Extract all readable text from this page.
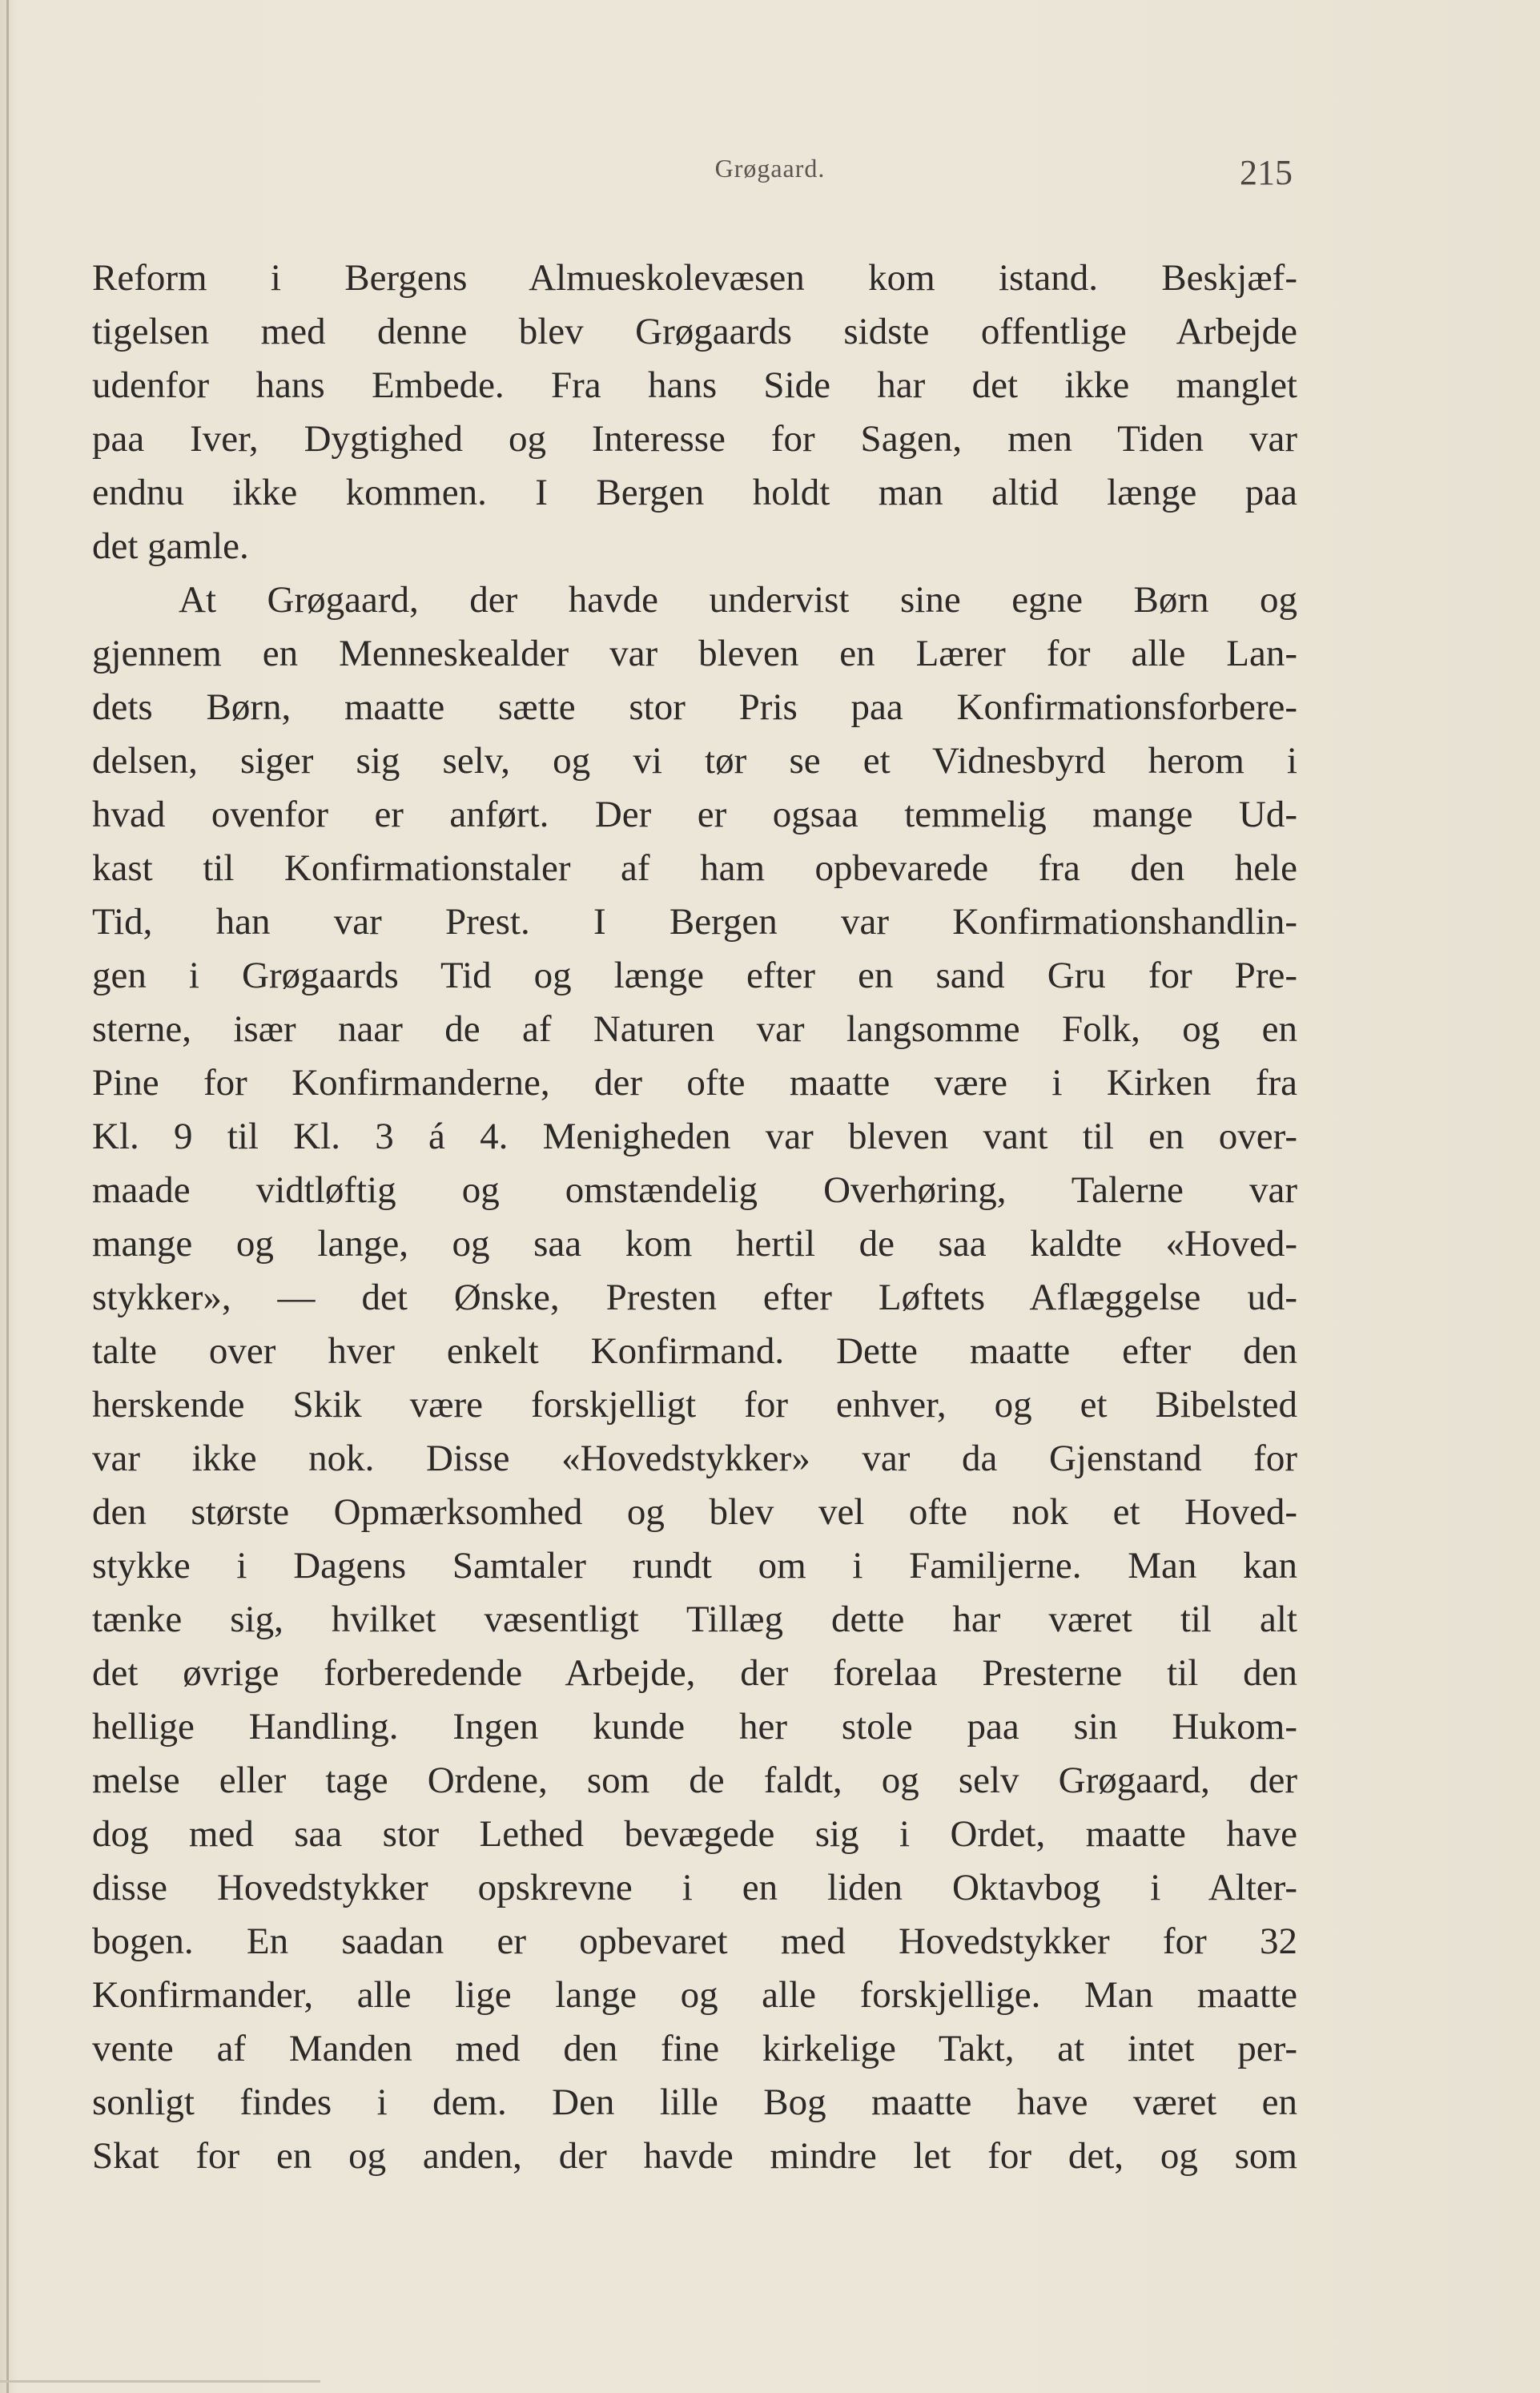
Grøgaard.	215
Reform i Bergens Almueskolevæsen kom istand. Beskjæf-
tigelsen med denne blev Grøgaards sidste offentlige Arbejde
udenfor hans Embede. Fra hans Side har det ikke manglet
paa Iver, Dygtighed og Interesse for Sagen, men Tiden var
endnu ikke kommen. I Bergen holdt man altid længe paa
det gamle.
At Grøgaard, der havde undervist sine egne Børn og
gjennem en Menneskealder var bleven en Lærer for alle Lan-
dets Børn, maatte sætte stor Pris paa Konfirmationsforbere-
delsen, siger sig selv, og vi tør se et Vidnesbyrd herom i
hvad ovenfor er anført. Der er ogsaa temmelig mange Ud-
kast til Konfirmationstaler af ham opbevarede fra den hele
Tid, han var Prest. I Bergen var Konfirmationshandlin-
gen i Grøgaards Tid og længe efter en sand Gru for Pre-
sterne, især naar de af Naturen var langsomme Folk, og en
Pine for Konfirmanderne, der ofte maatte være i Kirken fra
Kl. 9 til Kl. 3 á 4. Menigheden var bleven vant til en over-
maade vidtløftig og omstændelig Overhøring, Talerne var
mange og lange, og saa kom hertil de saa kaldte «Hoved-
stykker», — det Ønske, Presten efter Løftets Aflæggelse ud-
talte over hver enkelt Konfirmand. Dette maatte efter den
herskende Skik være forskjelligt for enhver, og et Bibelsted
var ikke nok. Disse «Hovedstykker» var da Gjenstand for
den største Opmærksomhed og blev vel ofte nok et Hoved-
stykke i Dagens Samtaler rundt om i Familjerne. Man kan
tænke sig, hvilket væsentligt Tillæg dette har været til alt
det øvrige forberedende Arbejde, der forelaa Presterne til den
hellige Handling. Ingen kunde her stole paa sin Hukom-
melse eller tage Ordene, som de faldt, og selv Grøgaard, der
dog med saa stor Lethed bevægede sig i Ordet, maatte have
disse Hovedstykker opskrevne i en liden Oktavbog i Alter-
bogen. En saadan er opbevaret med Hovedstykker for 32
Konfirmander, alle lige lange og alle forskjellige. Man maatte
vente af Manden med den fine kirkelige Takt, at intet per-
sonligt findes i dem. Den lille Bog maatte have været en
Skat for en og anden, der havde mindre let for det, og som
